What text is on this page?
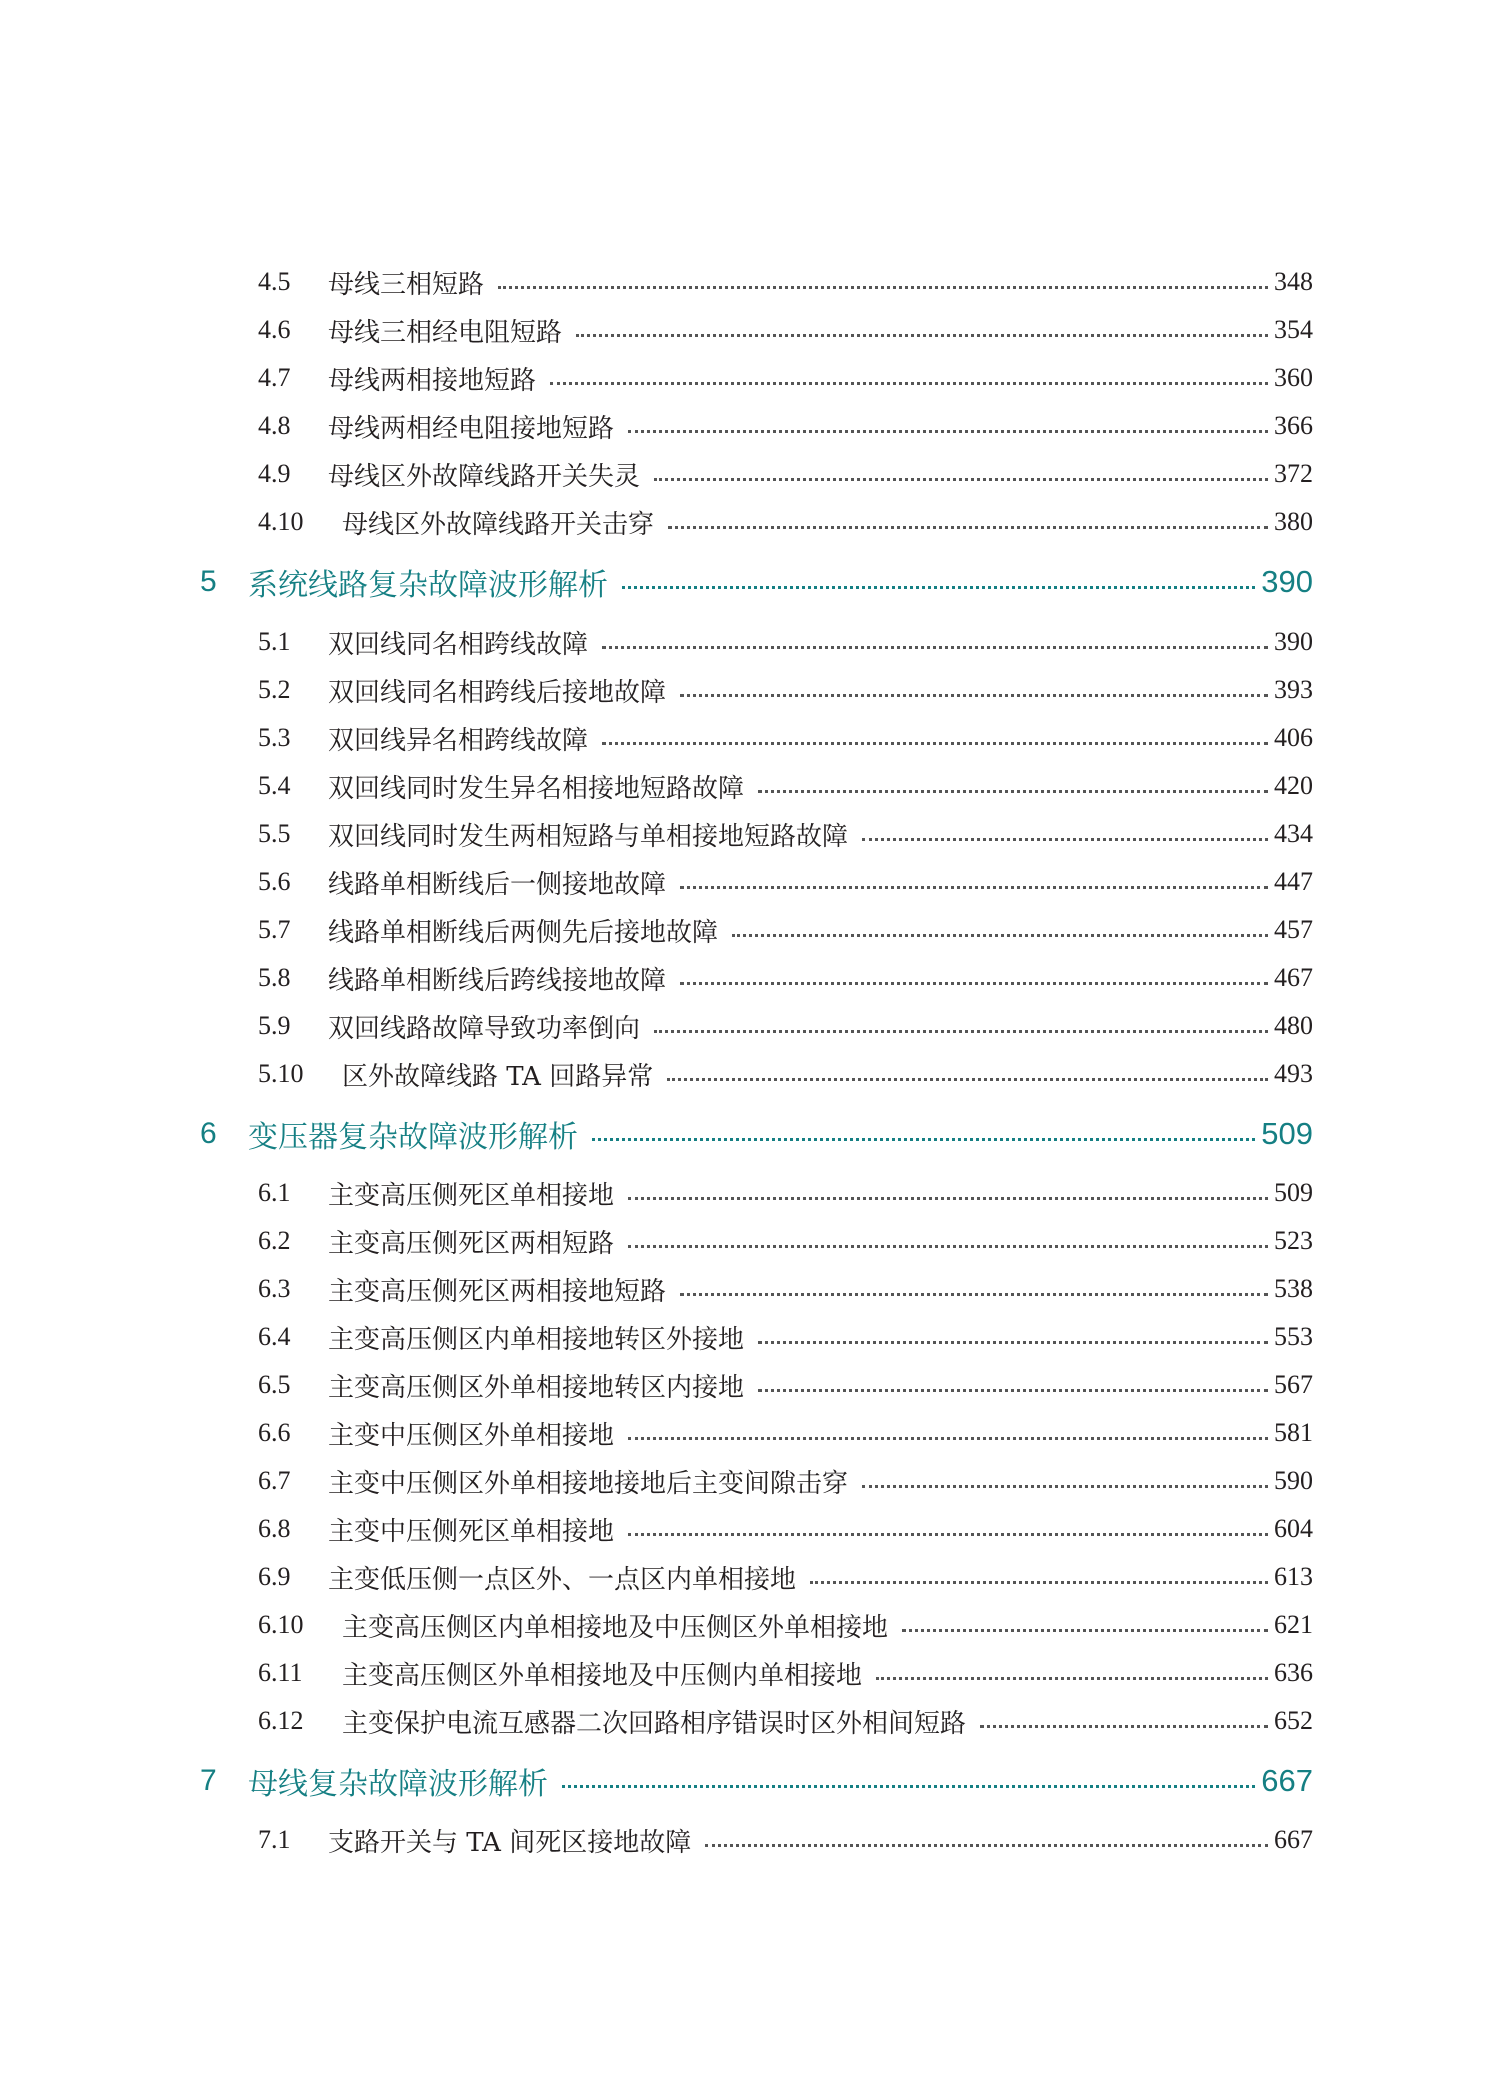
4.5	母线三相短路	348
4.6	母线三相经电阻短路	354
4.7	母线两相接地短路	360
4.8	母线两相经电阻接地短路	366
4.9	母线区外故障线路开关失灵	372
4.10	母线区外故障线路开关击穿	380
5	系统线路复杂故障波形解析	390
5.1	双回线同名相跨线故障	390
5.2	双回线同名相跨线后接地故障	393
5.3	双回线异名相跨线故障	406
5.4	双回线同时发生异名相接地短路故障	420
5.5	双回线同时发生两相短路与单相接地短路故障	434
5.6	线路单相断线后一侧接地故障	447
5.7	线路单相断线后两侧先后接地故障	457
5.8	线路单相断线后跨线接地故障	467
5.9	双回线路故障导致功率倒向	480
5.10	区外故障线路 TA 回路异常	493
6	变压器复杂故障波形解析	509
6.1	主变高压侧死区单相接地	509
6.2	主变高压侧死区两相短路	523
6.3	主变高压侧死区两相接地短路	538
6.4	主变高压侧区内单相接地转区外接地	553
6.5	主变高压侧区外单相接地转区内接地	567
6.6	主变中压侧区外单相接地	581
6.7	主变中压侧区外单相接地接地后主变间隙击穿	590
6.8	主变中压侧死区单相接地	604
6.9	主变低压侧一点区外、一点区内单相接地	613
6.10	主变高压侧区内单相接地及中压侧区外单相接地	621
6.11	主变高压侧区外单相接地及中压侧内单相接地	636
6.12	主变保护电流互感器二次回路相序错误时区外相间短路	652
7	母线复杂故障波形解析	667
7.1	支路开关与 TA 间死区接地故障	667
